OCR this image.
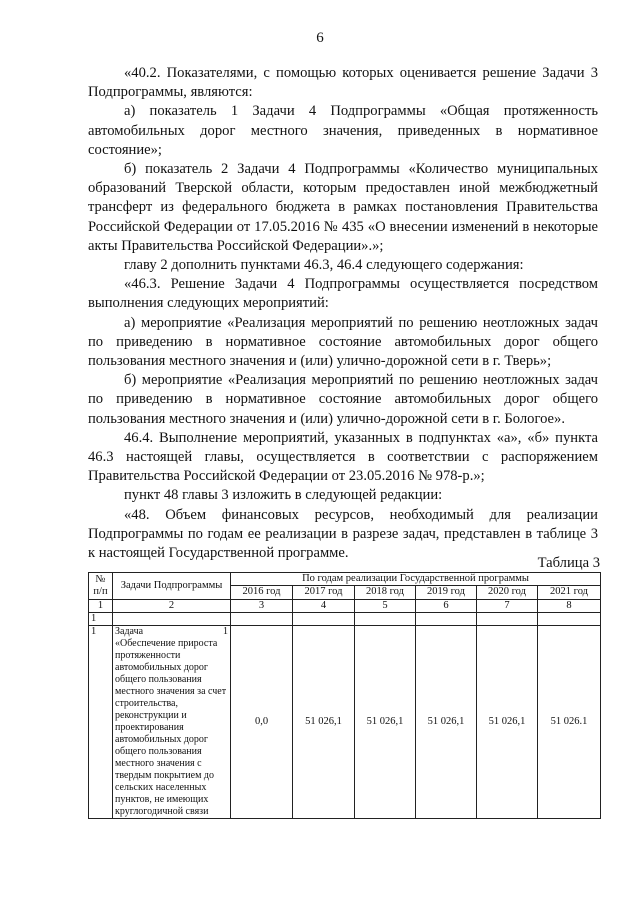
6

«40.2. Показателями, с помощью которых оценивается решение Задачи 3 Подпрограммы, являются:

а) показатель 1 Задачи 4 Подпрограммы «Общая протяженность автомобильных дорог местного значения, приведенных в нормативное состояние»;

б) показатель 2 Задачи 4 Подпрограммы «Количество муниципальных образований Тверской области, которым предоставлен иной межбюджетный трансферт из федерального бюджета в рамках постановления Правительства Российской Федерации от 17.05.2016 № 435 «О внесении изменений в некоторые акты Правительства Российской Федерации».»;

главу 2 дополнить пунктами 46.3, 46.4 следующего содержания:

«46.3. Решение Задачи 4 Подпрограммы осуществляется посредством выполнения следующих мероприятий:

а) мероприятие «Реализация мероприятий по решению неотложных задач по приведению в нормативное состояние автомобильных дорог общего пользования местного значения и (или) улично-дорожной сети в г. Тверь»;

б) мероприятие «Реализация мероприятий по решению неотложных задач по приведению в нормативное состояние автомобильных дорог общего пользования местного значения и (или) улично-дорожной сети в г. Бологое».

46.4. Выполнение мероприятий, указанных в подпунктах «а», «б» пункта 46.3 настоящей главы, осуществляется в соответствии с распоряжением Правительства Российской Федерации от 23.05.2016 № 978-р.»;

пункт 48 главы 3 изложить в следующей редакции:

«48. Объем финансовых ресурсов, необходимый для реализации Подпрограммы по годам ее реализации в разрезе задач, представлен в таблице 3 к настоящей Государственной программе.

Таблица 3
№ п/п	Задачи Подпрограммы	По годам реализации Государственной программы					
		2016 год	2017 год	2018 год	2019 год	2020 год	2021 год
1	2	3	4	5	6	7	8
1							
1	Задача 1
«Обеспечение прироста протяженности автомобильных дорог общего пользования местного значения за счет строительства, реконструкции и проектирования автомобильных дорог общего пользования местного значения с твердым покрытием до сельских населенных пунктов, не имеющих круглогодичной связи	0,0	51 026,1	51 026,1	51 026,1	51 026,1	51 026.1
